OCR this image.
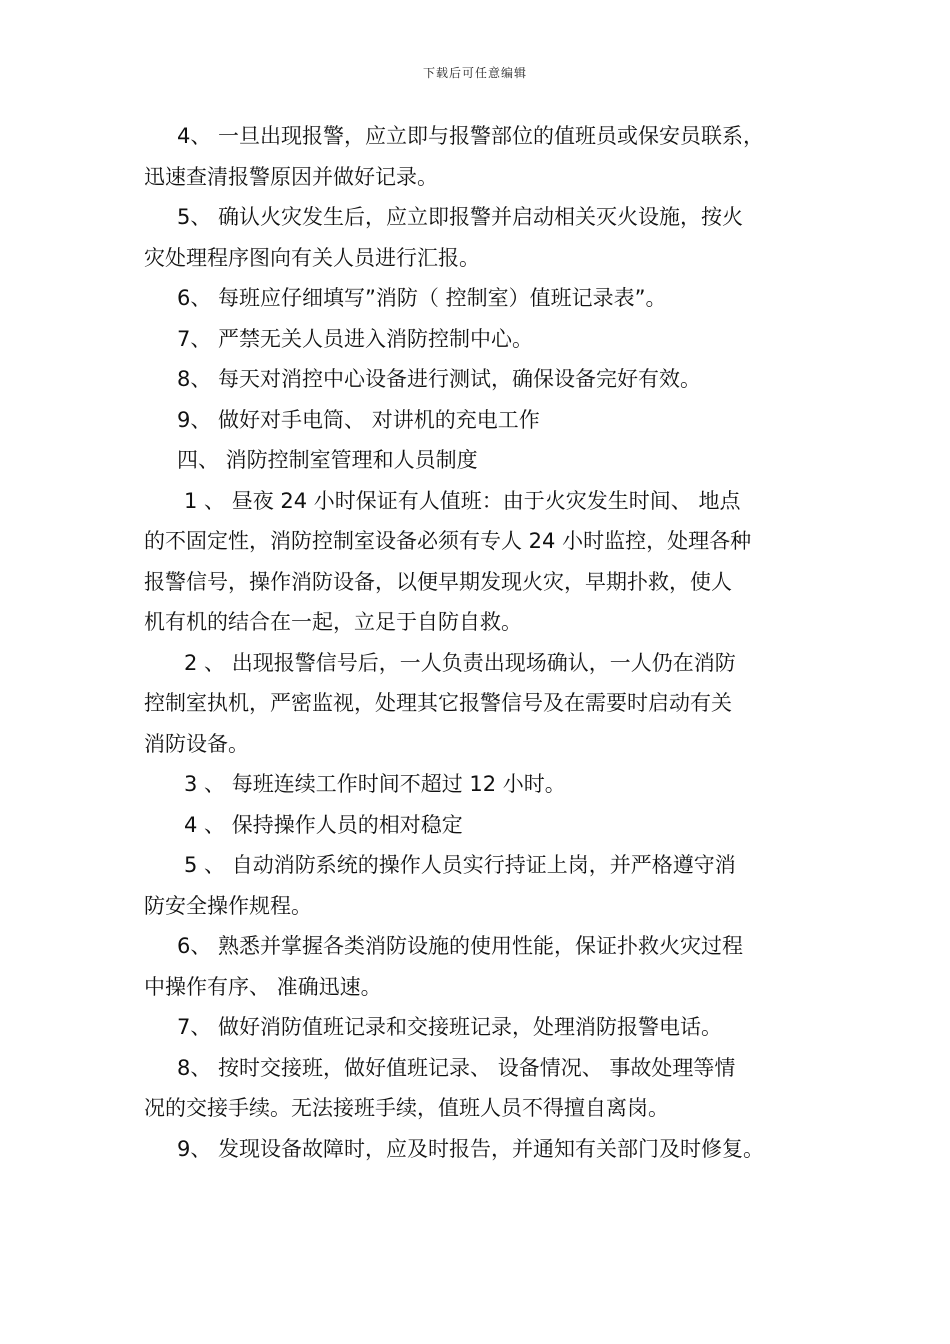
下载后可任意编辑
4、 一旦出现报警，应立即与报警部位的值班员或保安员联系，
迅速查清报警原因并做好记录。
5、 确认火灾发生后，应立即报警并启动相关灭火设施，按火
灾处理程序图向有关人员进行汇报。
6、 每班应仔细填写”消防（ 控制室）值班记录表”。
7、 严禁无关人员进入消防控制中心。
8、 每天对消控中心设备进行测试，确保设备完好有效。
9、 做好对手电筒、 对讲机的充电工作
四、 消防控制室管理和人员制度
1 、 昼夜 24 小时保证有人值班：由于火灾发生时间、 地点
的不固定性，消防控制室设备必须有专人 24 小时监控，处理各种
报警信号，操作消防设备，以便早期发现火灾，早期扑救，使人
机有机的结合在一起，立足于自防自救。
2 、 出现报警信号后，一人负责出现场确认，一人仍在消防
控制室执机，严密监视，处理其它报警信号及在需要时启动有关
消防设备。
3 、 每班连续工作时间不超过 12 小时。
4 、 保持操作人员的相对稳定
5 、 自动消防系统的操作人员实行持证上岗，并严格遵守消
防安全操作规程。
6、 熟悉并掌握各类消防设施的使用性能，保证扑救火灾过程
中操作有序、 准确迅速。
7、 做好消防值班记录和交接班记录，处理消防报警电话。
8、 按时交接班，做好值班记录、 设备情况、 事故处理等情
况的交接手续。无法接班手续，值班人员不得擅自离岗。
9、 发现设备故障时，应及时报告，并通知有关部门及时修复。
